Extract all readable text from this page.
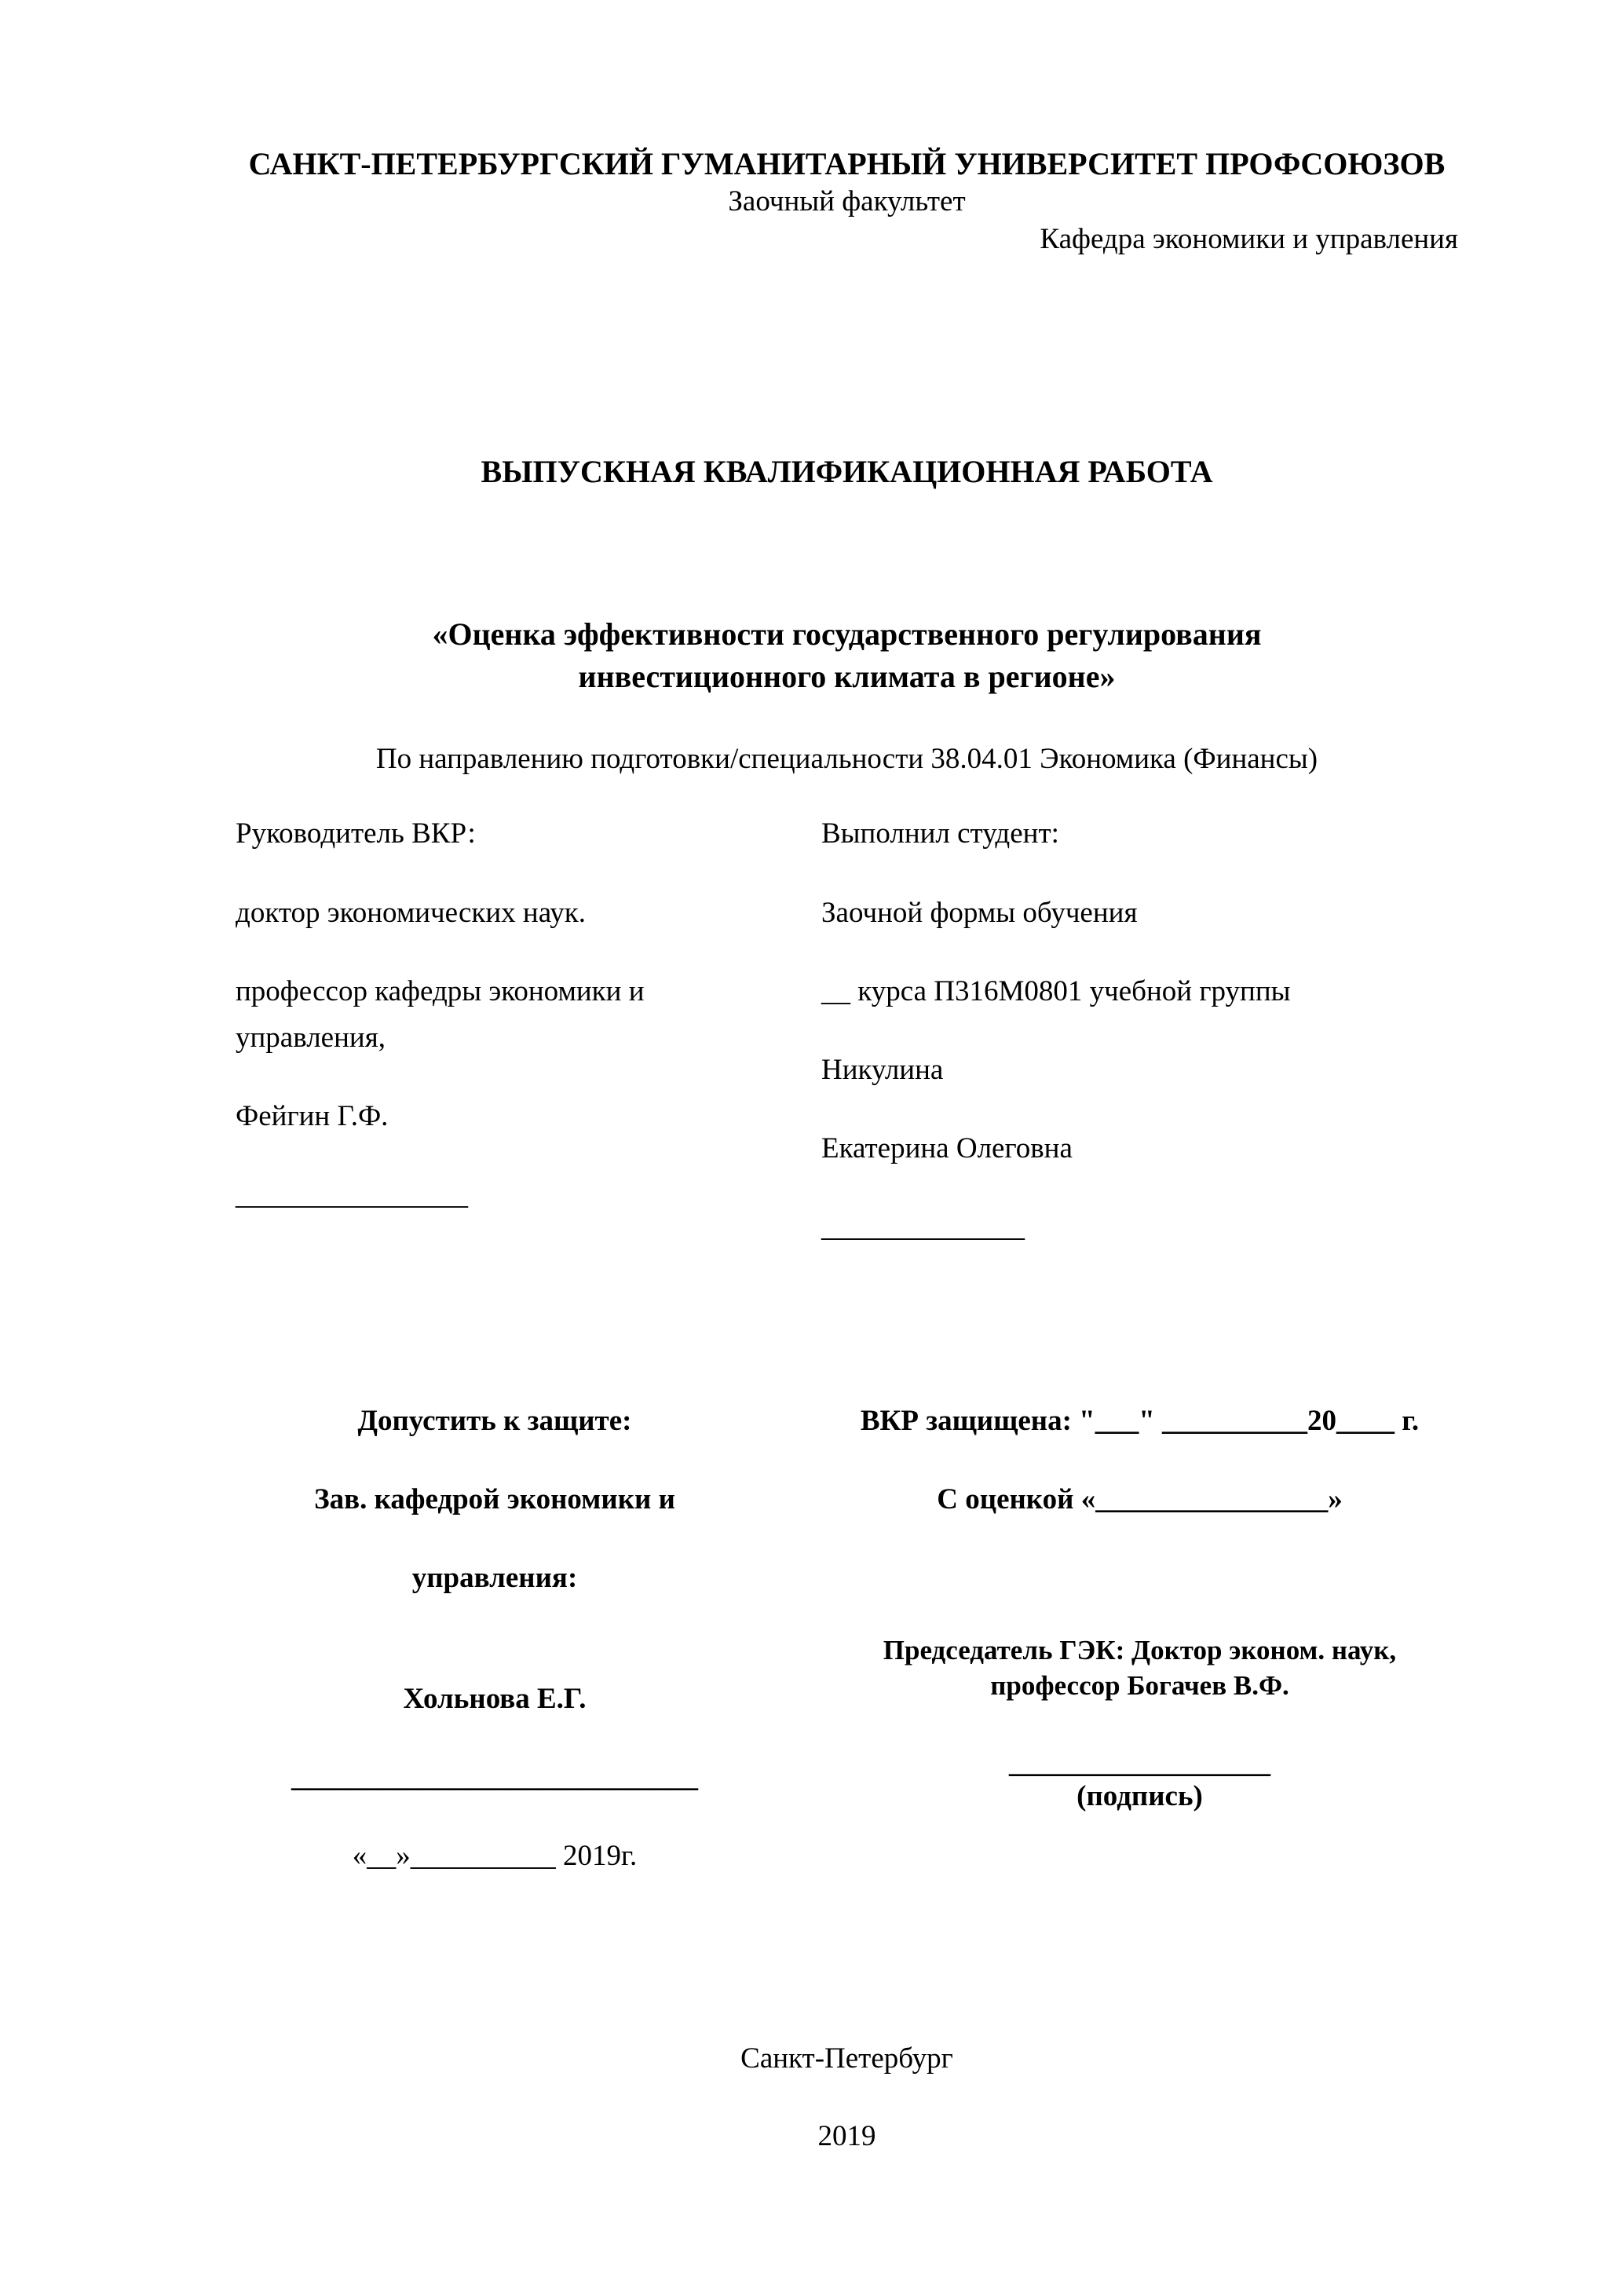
САНКТ-ПЕТЕРБУРГСКИЙ ГУМАНИТАРНЫЙ УНИВЕРСИТЕТ ПРОФСОЮЗОВ
Заочный факультет
Кафедра экономики и управления
ВЫПУСКНАЯ КВАЛИФИКАЦИОННАЯ РАБОТА
«Оценка эффективности государственного регулирования
инвестиционного климата в регионе»
По направлению подготовки/специальности 38.04.01 Экономика (Финансы)
Руководитель ВКР:
доктор экономических наук.
профессор кафедры экономики и управления,
Фейгин Г.Ф.
________________
Выполнил студент:
Заочной формы обучения
__ курса П316М0801 учебной группы
Никулина
Екатерина Олеговна
______________
Допустить к защите:
Зав. кафедрой экономики и
управления:
Хольнова Е.Г.
____________________________
«__»__________ 2019г.
ВКР защищена: "___" __________20____ г.
С оценкой «________________»
Председатель ГЭК: Доктор эконом. наук,
профессор Богачев В.Ф.
__________________
(подпись)
Санкт-Петербург
2019
